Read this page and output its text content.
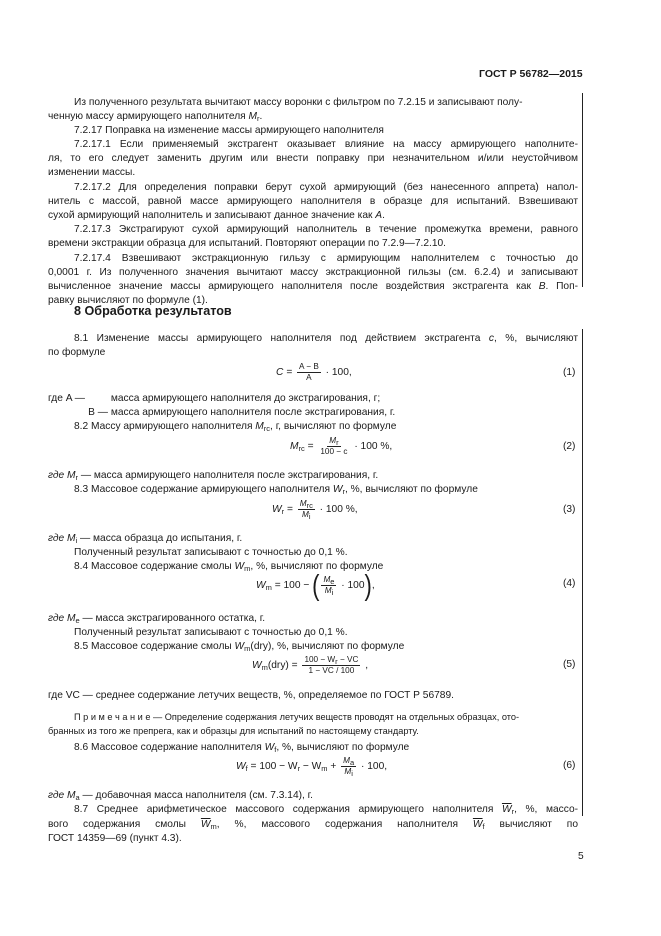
ГОСТ Р 56782—2015
Из полученного результата вычитают массу воронки с фильтром по 7.2.15 и записывают полу-
ченную массу армирующего наполнителя $M_r$.
7.2.17 Поправка на изменение массы армирующего наполнителя
7.2.17.1 Если применяемый экстрагент оказывает влияние на массу армирующего наполните-
ля, то его следует заменить другим или внести поправку при незначительном и/или неустойчивом
изменении массы.
7.2.17.2 Для определения поправки берут сухой армирующий (без нанесенного аппрета) напол-
нитель с массой, равной массе армирующего наполнителя в образце для испытаний. Взвешивают
сухой армирующий наполнитель и записывают данное значение как A.
7.2.17.3 Экстрагируют сухой армирующий наполнитель в течение промежутка времени, равного
времени экстракции образца для испытаний. Повторяют операции по 7.2.9—7.2.10.
7.2.17.4 Взвешивают экстракционную гильзу с армирующим наполнителем с точностью до
0,0001 г. Из полученного значения вычитают массу экстракционной гильзы (см. 6.2.4) и записывают
вычисленное значение массы армирующего наполнителя после воздействия экстрагента как B. Поп-
равку вычисляют по формуле (1).
8 Обработка результатов
8.1 Изменение массы армирующего наполнителя под действием экстрагента c, %, вычисляют
по формуле
$C = \frac{A - B}{A} \cdot 100$,	(1)
где A —	масса армирующего наполнителя до экстрагирования, г;
B — масса армирующего наполнителя после экстрагирования, г.
8.2 Массу армирующего наполнителя $M_{rc}$, г, вычисляют по формуле
$M_{rc} = \frac{M_r}{100 - c} \cdot 100$ %,	(2)
где $M_r$ — масса армирующего наполнителя после экстрагирования, г.
8.3 Массовое содержание армирующего наполнителя $W_r$, %, вычисляют по формуле
$W_r = \frac{M_{rc}}{M_i} \cdot 100$ %,	(3)
где $M_i$ — масса образца до испытания, г.
Полученный результат записывают с точностью до 0,1 %.
8.4 Массовое содержание смолы $W_m$, %, вычисляют по формуле
$W_m = 100$ − ( $\frac{M_e}{M_i} \cdot 100$),	(4)
где $M_e$ — масса экстрагированного остатка, г.
Полученный результат записывают с точностью до 0,1 %.
8.5 Массовое содержание смолы $W_m(dry)$, %, вычисляют по формуле
$W_m(dry) = \frac{100 - W_r - VC}{1 - VC / 100}$ ,	(5)
где VC — среднее содержание летучих веществ, %, определяемое по ГОСТ Р 56789.
П р и м е ч а н и е — Определение содержания летучих веществ проводят на отдельных образцах, ото-
бранных из того же препрега, как и образцы для испытаний по настоящему стандарту.
8.6 Массовое содержание наполнителя $W_f$, %, вычисляют по формуле
$W_f = 100 - W_r - W_m + \frac{M_a}{M_i} \cdot 100$,	(6)
где $M_a$ — добавочная масса наполнителя (см. 7.3.14), г.
8.7 Среднее арифметическое массового содержания армирующего наполнителя $\overline{W}_r$, %, массо-
вого содержания смолы $\overline{W}_m$, %, массового содержания наполнителя $\overline{W}_f$ вычисляют по
ГОСТ 14359—69 (пункт 4.3).
5
